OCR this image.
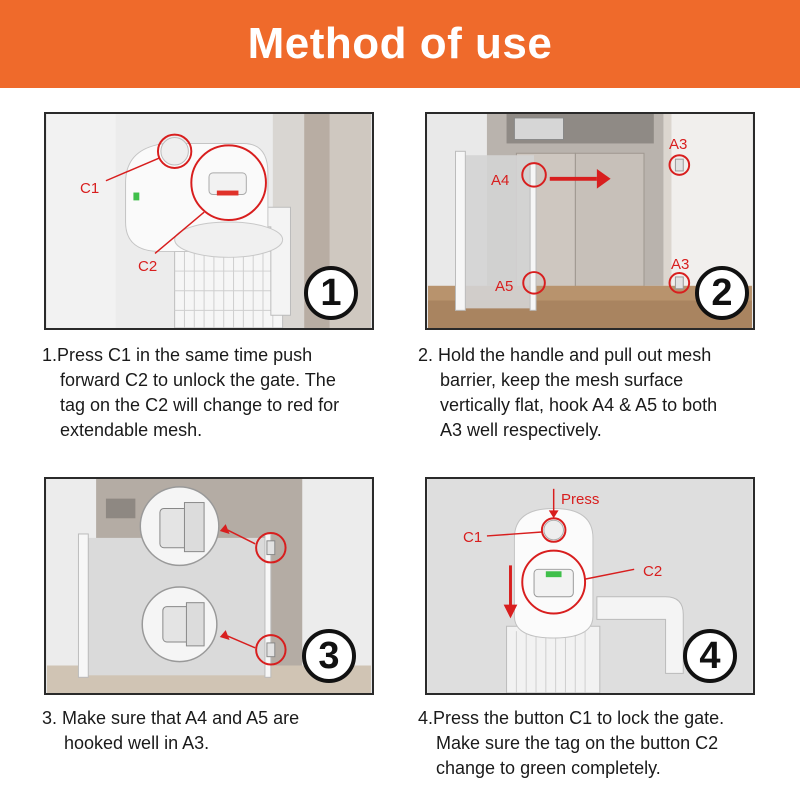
Method of use
C1
C2
1
A3
A4
A5
A3
2
3
Press
C1
C2
4

1.Press C1 in the same time push
forward C2 to unlock the gate. The
tag on the C2 will change to red for
extendable mesh.

2. Hold the handle and pull out mesh
barrier, keep the mesh surface
vertically flat, hook A4 & A5 to both
A3 well respectively.

3. Make sure that A4 and A5 are
hooked well in A3.

4.Press the button C1 to lock the gate.
Make sure the tag on the button C2
change to green completely.
